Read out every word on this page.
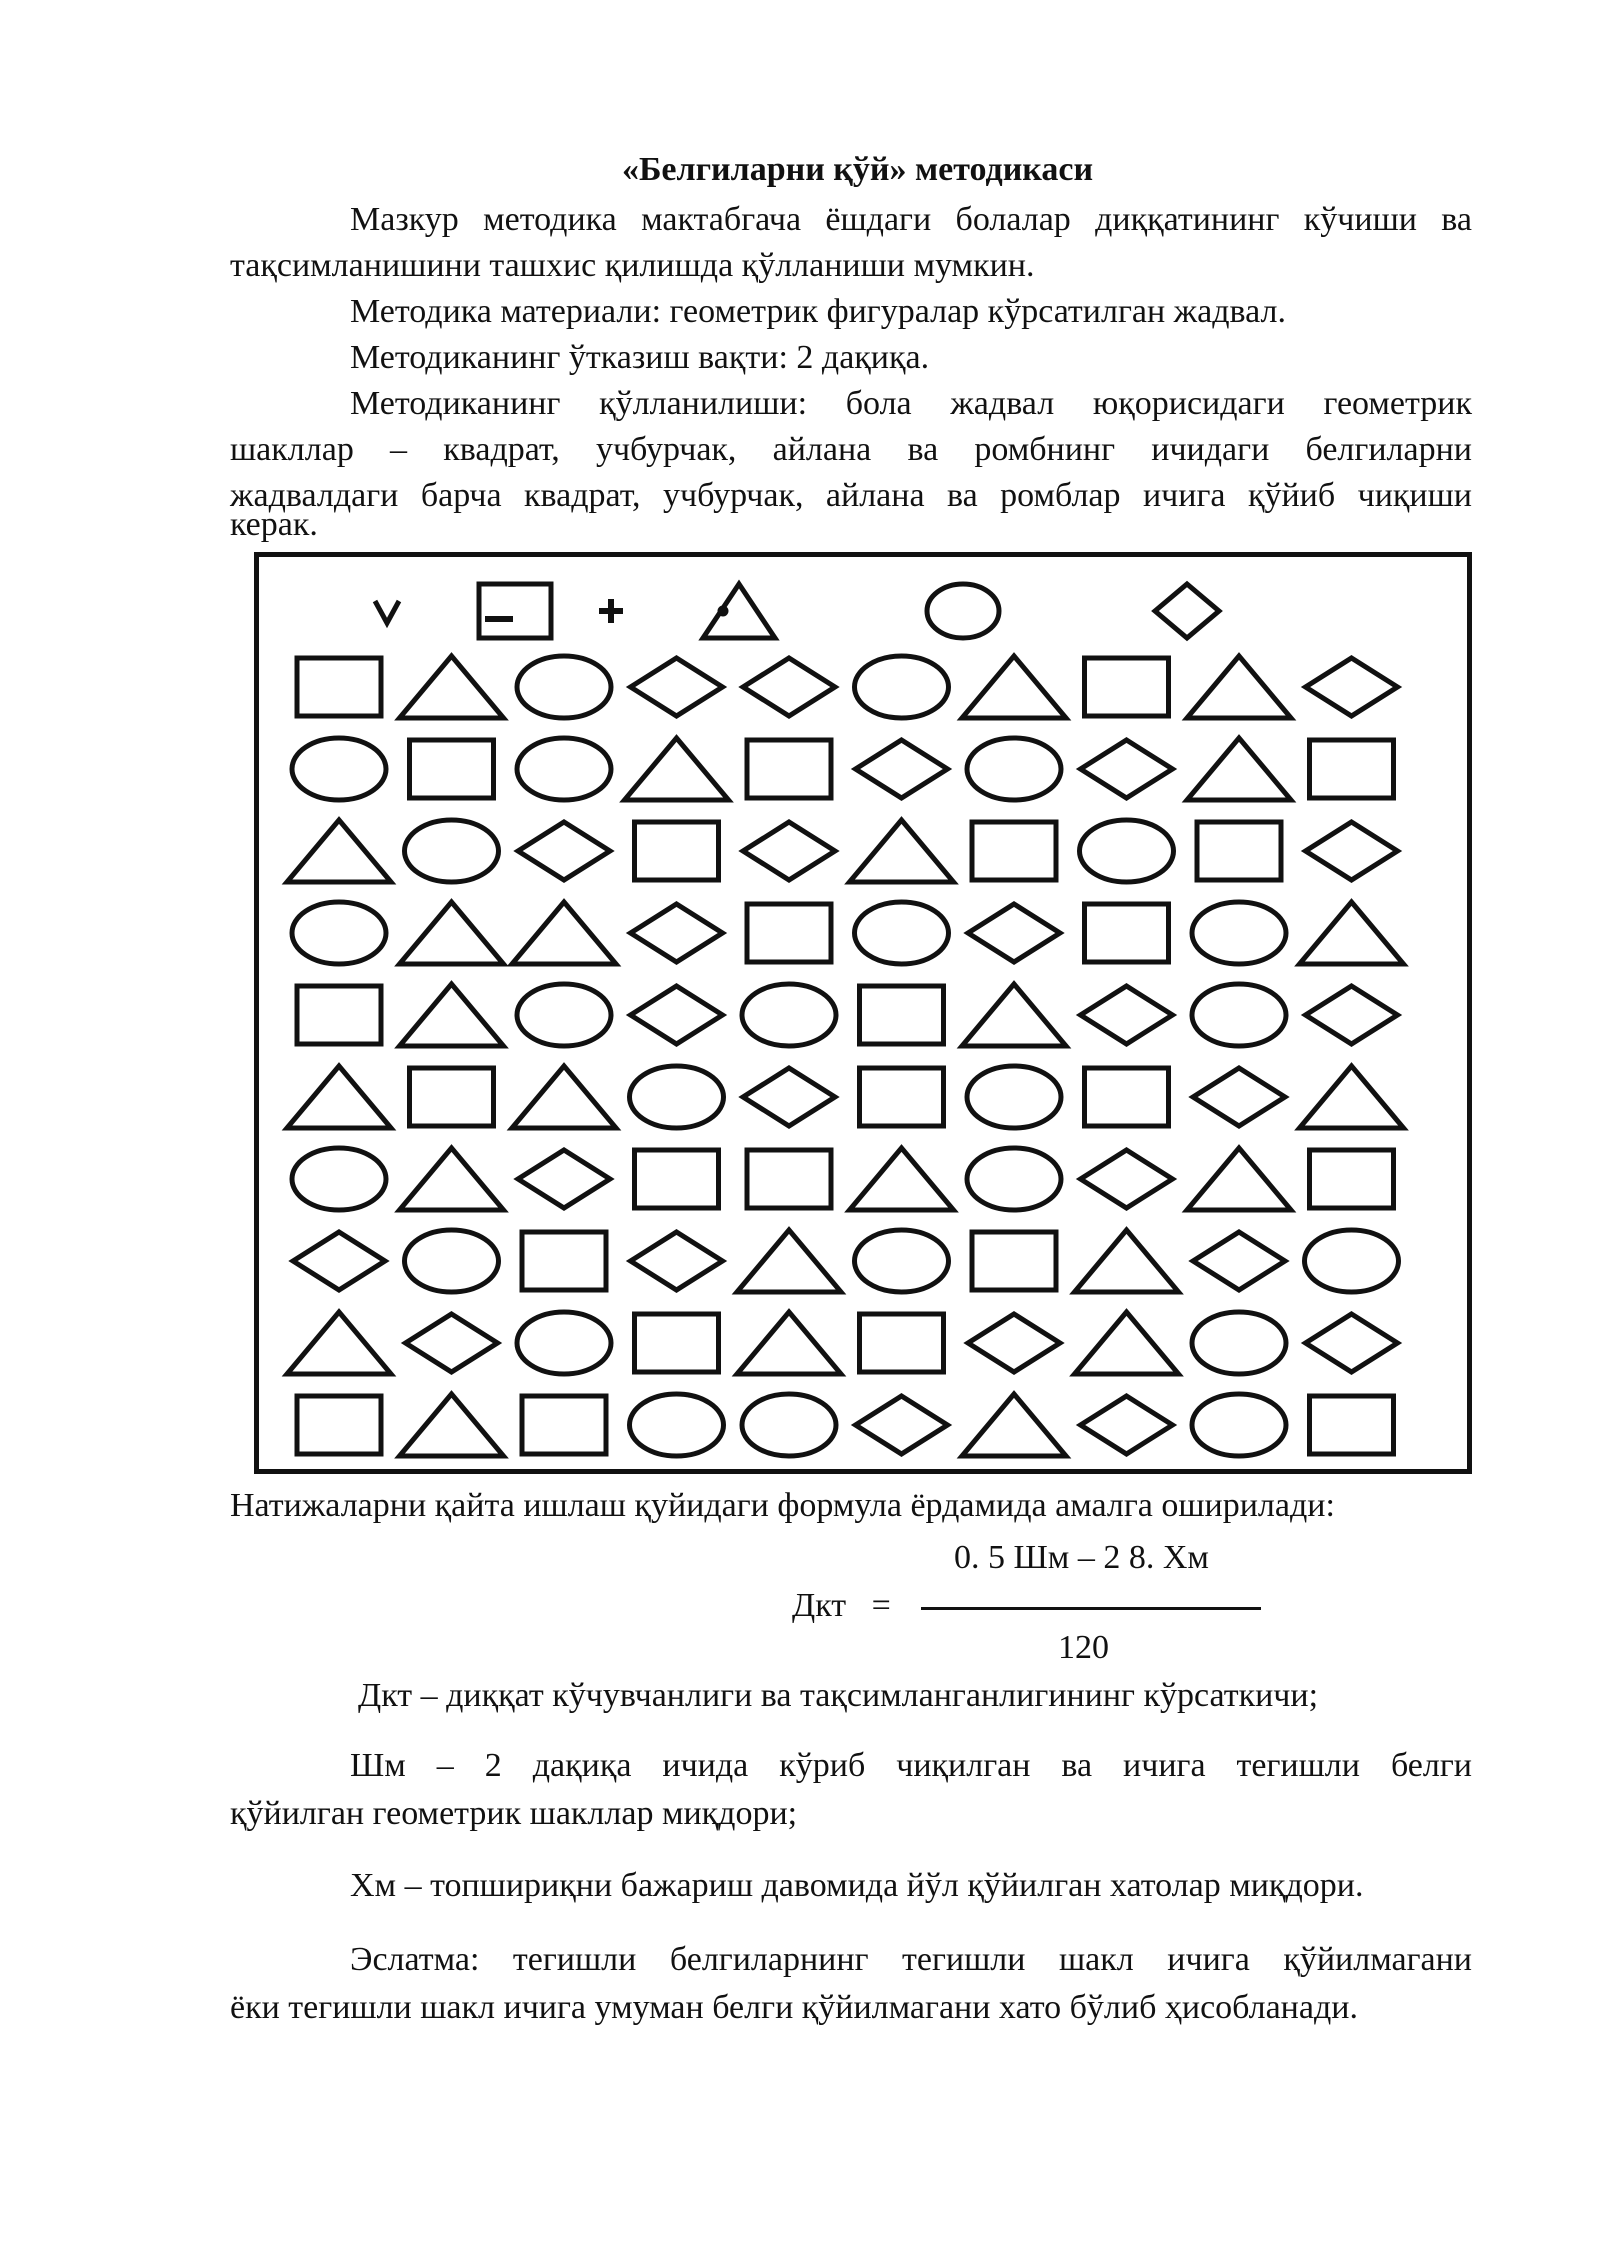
«Белгиларни қўй» методикаси
Мазкур методика мактабгача ёшдаги болалар диққатининг кўчиши ва
тақсимланишини ташхис қилишда қўлланиши мумкин.
Методика материали: геометрик фигуралар кўрсатилган жадвал.
Методиканинг ўтказиш вақти: 2 дақиқа.
Методиканинг қўлланилиши: бола жадвал юқорисидаги геометрик
шакллар – квадрат, учбурчак, айлана ва ромбнинг ичидаги белгиларни
жадвалдаги барча квадрат, учбурчак, айлана ва ромблар ичига қўйиб чиқиши
керак.
Натижаларни қайта ишлаш қуйидаги формула ёрдамида амалга оширилади:
0. 5 Шм – 2 8. Хм
Дкт   =
120
Дкт – диққат кўчувчанлиги ва тақсимланганлигининг кўрсаткичи;
Шм – 2 дақиқа ичида кўриб чиқилган ва ичига тегишли белги
қўйилган геометрик шакллар миқдори;
Хм – топшириқни бажариш давомида йўл қўйилган хатолар миқдори.
Эслатма: тегишли белгиларнинг тегишли шакл ичига қўйилмагани
ёки тегишли шакл ичига умуман белги қўйилмагани хато бўлиб ҳисобланади.
